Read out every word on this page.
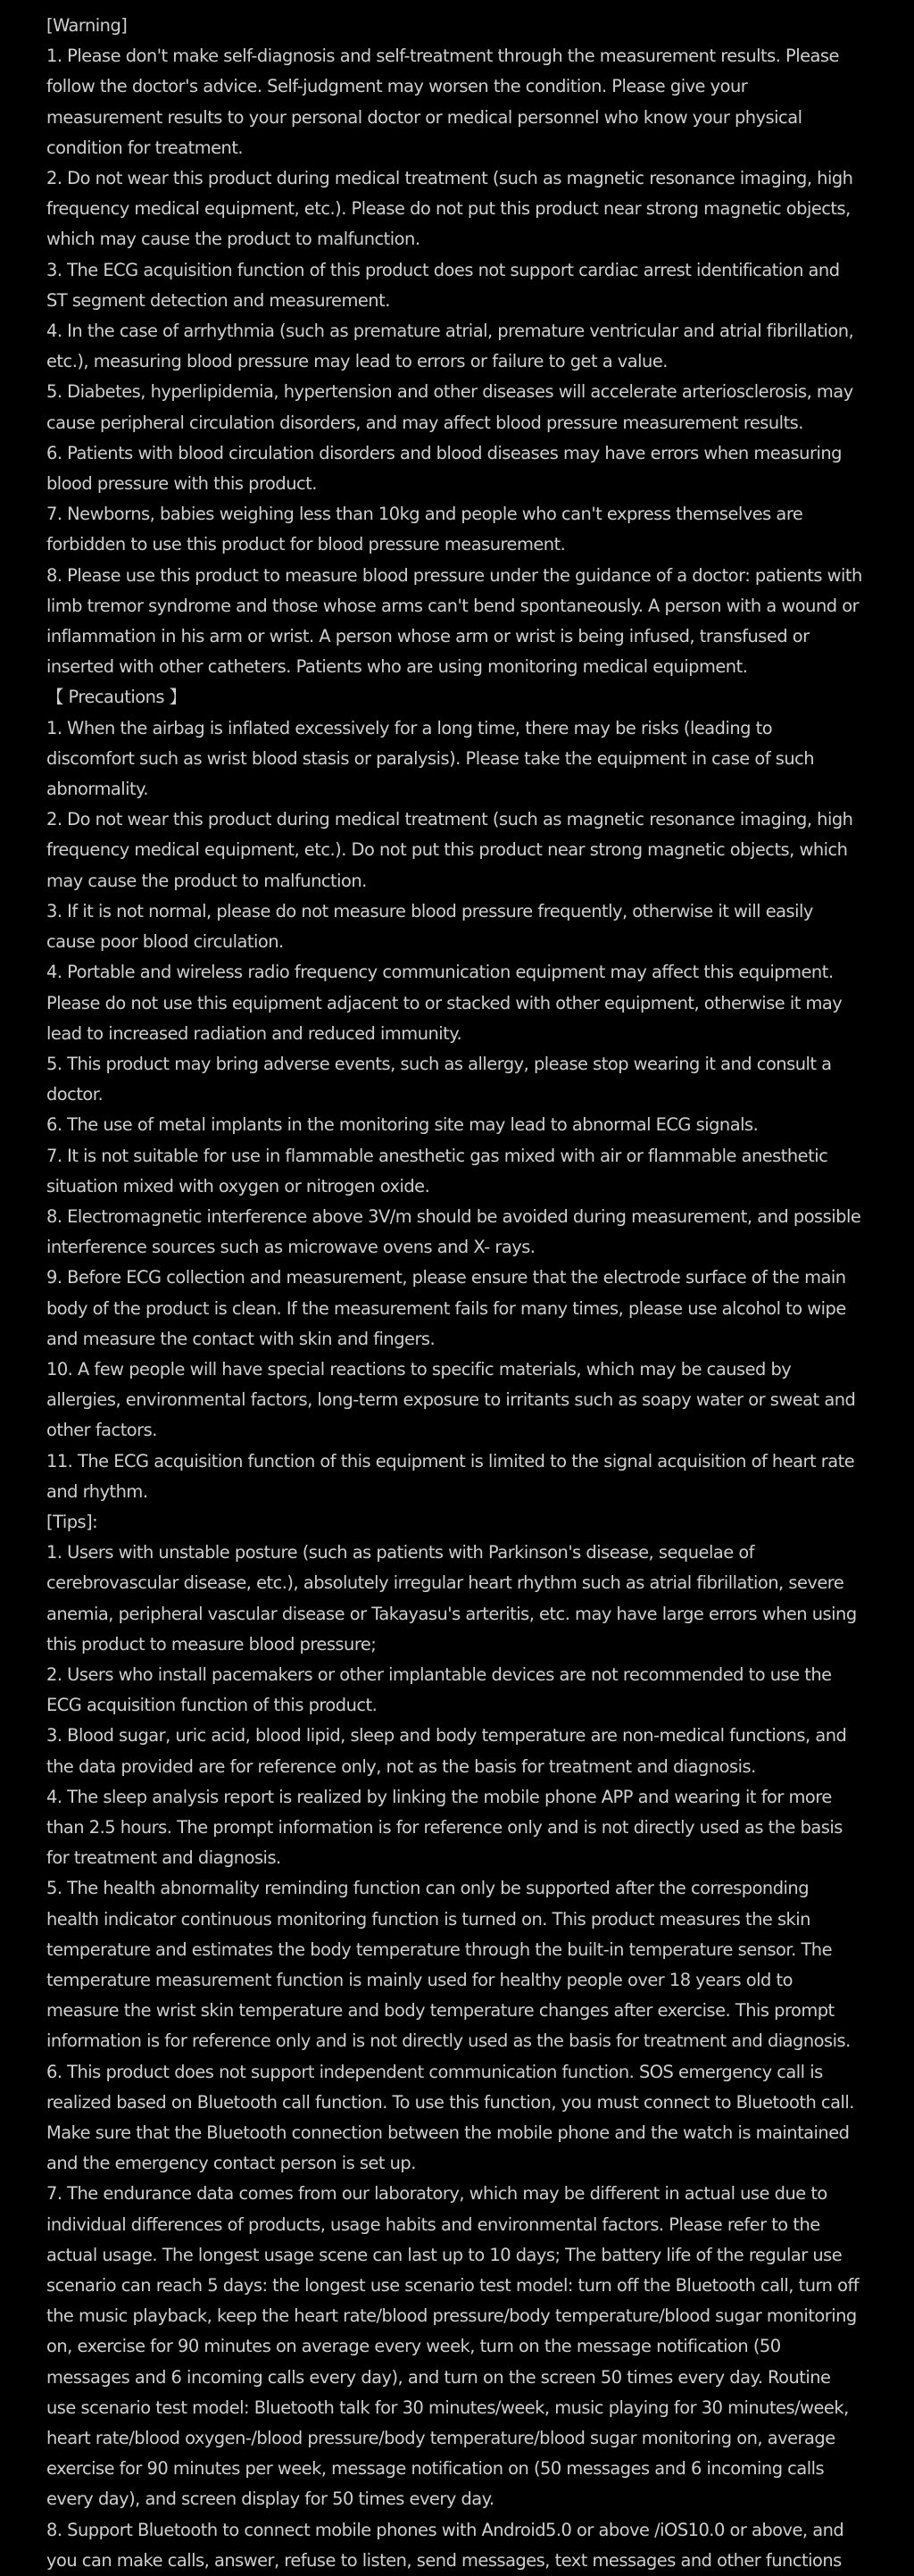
[Warning]

1. Please don't make self-diagnosis and self-treatment through the measurement results. Please follow the doctor's advice. Self-judgment may worsen the condition. Please give your measurement results to your personal doctor or medical personnel who know your physical condition for treatment.

2. Do not wear this product during medical treatment (such as magnetic resonance imaging, high frequency medical equipment, etc.). Please do not put this product near strong magnetic objects, which may cause the product to malfunction.

3. The ECG acquisition function of this product does not support cardiac arrest identification and ST segment detection and measurement.

4. In the case of arrhythmia (such as premature atrial, premature ventricular and atrial fibrillation, etc.), measuring blood pressure may lead to errors or failure to get a value.

5. Diabetes, hyperlipidemia, hypertension and other diseases will accelerate arteriosclerosis, may cause peripheral circulation disorders, and may affect blood pressure measurement results.

6. Patients with blood circulation disorders and blood diseases may have errors when measuring blood pressure with this product.

7. Newborns, babies weighing less than 10kg and people who can't express themselves are forbidden to use this product for blood pressure measurement.

8. Please use this product to measure blood pressure under the guidance of a doctor: patients with limb tremor syndrome and those whose arms can't bend spontaneously. A person with a wound or inflammation in his arm or wrist. A person whose arm or wrist is being infused, transfused or inserted with other catheters. Patients who are using monitoring medical equipment.

【 Precautions 】

1. When the airbag is inflated excessively for a long time, there may be risks (leading to discomfort such as wrist blood stasis or paralysis). Please take the equipment in case of such abnormality.

2. Do not wear this product during medical treatment (such as magnetic resonance imaging, high frequency medical equipment, etc.). Do not put this product near strong magnetic objects, which may cause the product to malfunction.

3. If it is not normal, please do not measure blood pressure frequently, otherwise it will easily cause poor blood circulation.

4. Portable and wireless radio frequency communication equipment may affect this equipment. Please do not use this equipment adjacent to or stacked with other equipment, otherwise it may lead to increased radiation and reduced immunity.

5. This product may bring adverse events, such as allergy, please stop wearing it and consult a doctor.

6. The use of metal implants in the monitoring site may lead to abnormal ECG signals.

7. It is not suitable for use in flammable anesthetic gas mixed with air or flammable anesthetic situation mixed with oxygen or nitrogen oxide.

8. Electromagnetic interference above 3V/m should be avoided during measurement, and possible interference sources such as microwave ovens and X- rays.

9. Before ECG collection and measurement, please ensure that the electrode surface of the main body of the product is clean. If the measurement fails for many times, please use alcohol to wipe and measure the contact with skin and fingers.

10. A few people will have special reactions to specific materials, which may be caused by allergies, environmental factors, long-term exposure to irritants such as soapy water or sweat and other factors.

11. The ECG acquisition function of this equipment is limited to the signal acquisition of heart rate and rhythm.

[Tips]:

1. Users with unstable posture (such as patients with Parkinson's disease, sequelae of cerebrovascular disease, etc.), absolutely irregular heart rhythm such as atrial fibrillation, severe anemia, peripheral vascular disease or Takayasu's arteritis, etc. may have large errors when using this product to measure blood pressure;

2. Users who install pacemakers or other implantable devices are not recommended to use the ECG acquisition function of this product.

3. Blood sugar, uric acid, blood lipid, sleep and body temperature are non-medical functions, and the data provided are for reference only, not as the basis for treatment and diagnosis.

4. The sleep analysis report is realized by linking the mobile phone APP and wearing it for more than 2.5 hours. The prompt information is for reference only and is not directly used as the basis for treatment and diagnosis.

5. The health abnormality reminding function can only be supported after the corresponding health indicator continuous monitoring function is turned on. This product measures the skin temperature and estimates the body temperature through the built-in temperature sensor. The temperature measurement function is mainly used for healthy people over 18 years old to measure the wrist skin temperature and body temperature changes after exercise. This prompt information is for reference only and is not directly used as the basis for treatment and diagnosis.

6. This product does not support independent communication function. SOS emergency call is realized based on Bluetooth call function. To use this function, you must connect to Bluetooth call. Make sure that the Bluetooth connection between the mobile phone and the watch is maintained and the emergency contact person is set up.

7. The endurance data comes from our laboratory, which may be different in actual use due to individual differences of products, usage habits and environmental factors. Please refer to the actual usage. The longest usage scene can last up to 10 days; The battery life of the regular use scenario can reach 5 days: the longest use scenario test model: turn off the Bluetooth call, turn off the music playback, keep the heart rate/blood pressure/body temperature/blood sugar monitoring on, exercise for 90 minutes on average every week, turn on the message notification (50 messages and 6 incoming calls every day), and turn on the screen 50 times every day. Routine use scenario test model: Bluetooth talk for 30 minutes/week, music playing for 30 minutes/week, heart rate/blood oxygen-/blood pressure/body temperature/blood sugar monitoring on, average exercise for 90 minutes per week, message notification on (50 messages and 6 incoming calls every day), and screen display for 50 times every day.

8. Support Bluetooth to connect mobile phones with Android5.0 or above /iOS10.0 or above, and you can make calls, answer, refuse to listen, send messages, text messages and other functions
